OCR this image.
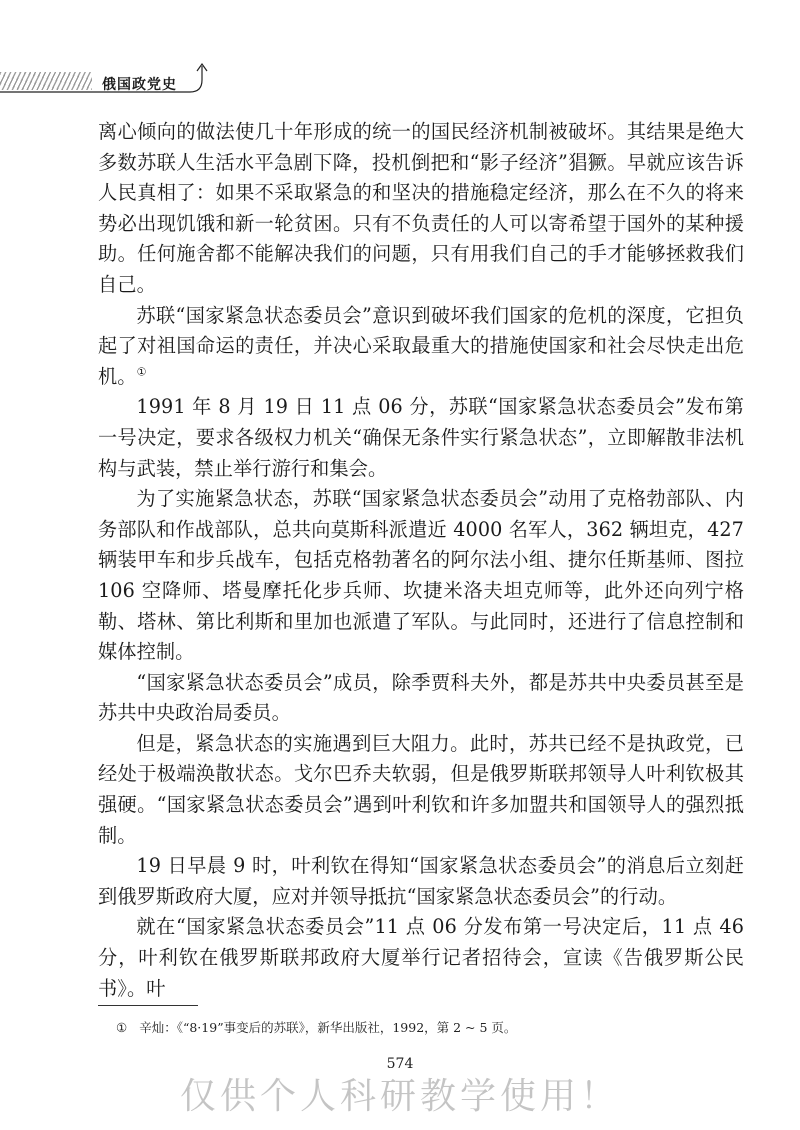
俄国政党史

离心倾向的做法使几十年形成的统一的国民经济机制被破坏。其结果是绝大多数苏联人生活水平急剧下降，投机倒把和“影子经济”猖獗。早就应该告诉人民真相了：如果不采取紧急的和坚决的措施稳定经济，那么在不久的将来势必出现饥饿和新一轮贫困。只有不负责任的人可以寄希望于国外的某种援助。任何施舍都不能解决我们的问题，只有用我们自己的手才能够拯救我们自己。

苏联“国家紧急状态委员会”意识到破坏我们国家的危机的深度，它担负起了对祖国命运的责任，并决心采取最重大的措施使国家和社会尽快走出危机。①

1991 年 8 月 19 日 11 点 06 分，苏联“国家紧急状态委员会”发布第一号决定，要求各级权力机关“确保无条件实行紧急状态”，立即解散非法机构与武装，禁止举行游行和集会。

为了实施紧急状态，苏联“国家紧急状态委员会”动用了克格勃部队、内务部队和作战部队，总共向莫斯科派遣近 4000 名军人，362 辆坦克，427 辆装甲车和步兵战车，包括克格勃著名的阿尔法小组、捷尔任斯基师、图拉 106 空降师、塔曼摩托化步兵师、坎捷米洛夫坦克师等，此外还向列宁格勒、塔林、第比利斯和里加也派遣了军队。与此同时，还进行了信息控制和媒体控制。

“国家紧急状态委员会”成员，除季贾科夫外，都是苏共中央委员甚至是苏共中央政治局委员。

但是，紧急状态的实施遇到巨大阻力。此时，苏共已经不是执政党，已经处于极端涣散状态。戈尔巴乔夫软弱，但是俄罗斯联邦领导人叶利钦极其强硬。“国家紧急状态委员会”遇到叶利钦和许多加盟共和国领导人的强烈抵制。

19 日早晨 9 时，叶利钦在得知“国家紧急状态委员会”的消息后立刻赶到俄罗斯政府大厦，应对并领导抵抗“国家紧急状态委员会”的行动。

就在“国家紧急状态委员会”11 点 06 分发布第一号决定后，11 点 46 分，叶利钦在俄罗斯联邦政府大厦举行记者招待会，宣读《告俄罗斯公民书》。叶

① 辛灿：《“8·19”事变后的苏联》，新华出版社，1992，第 2 ~ 5 页。
574
仅供个人科研教学使用！
